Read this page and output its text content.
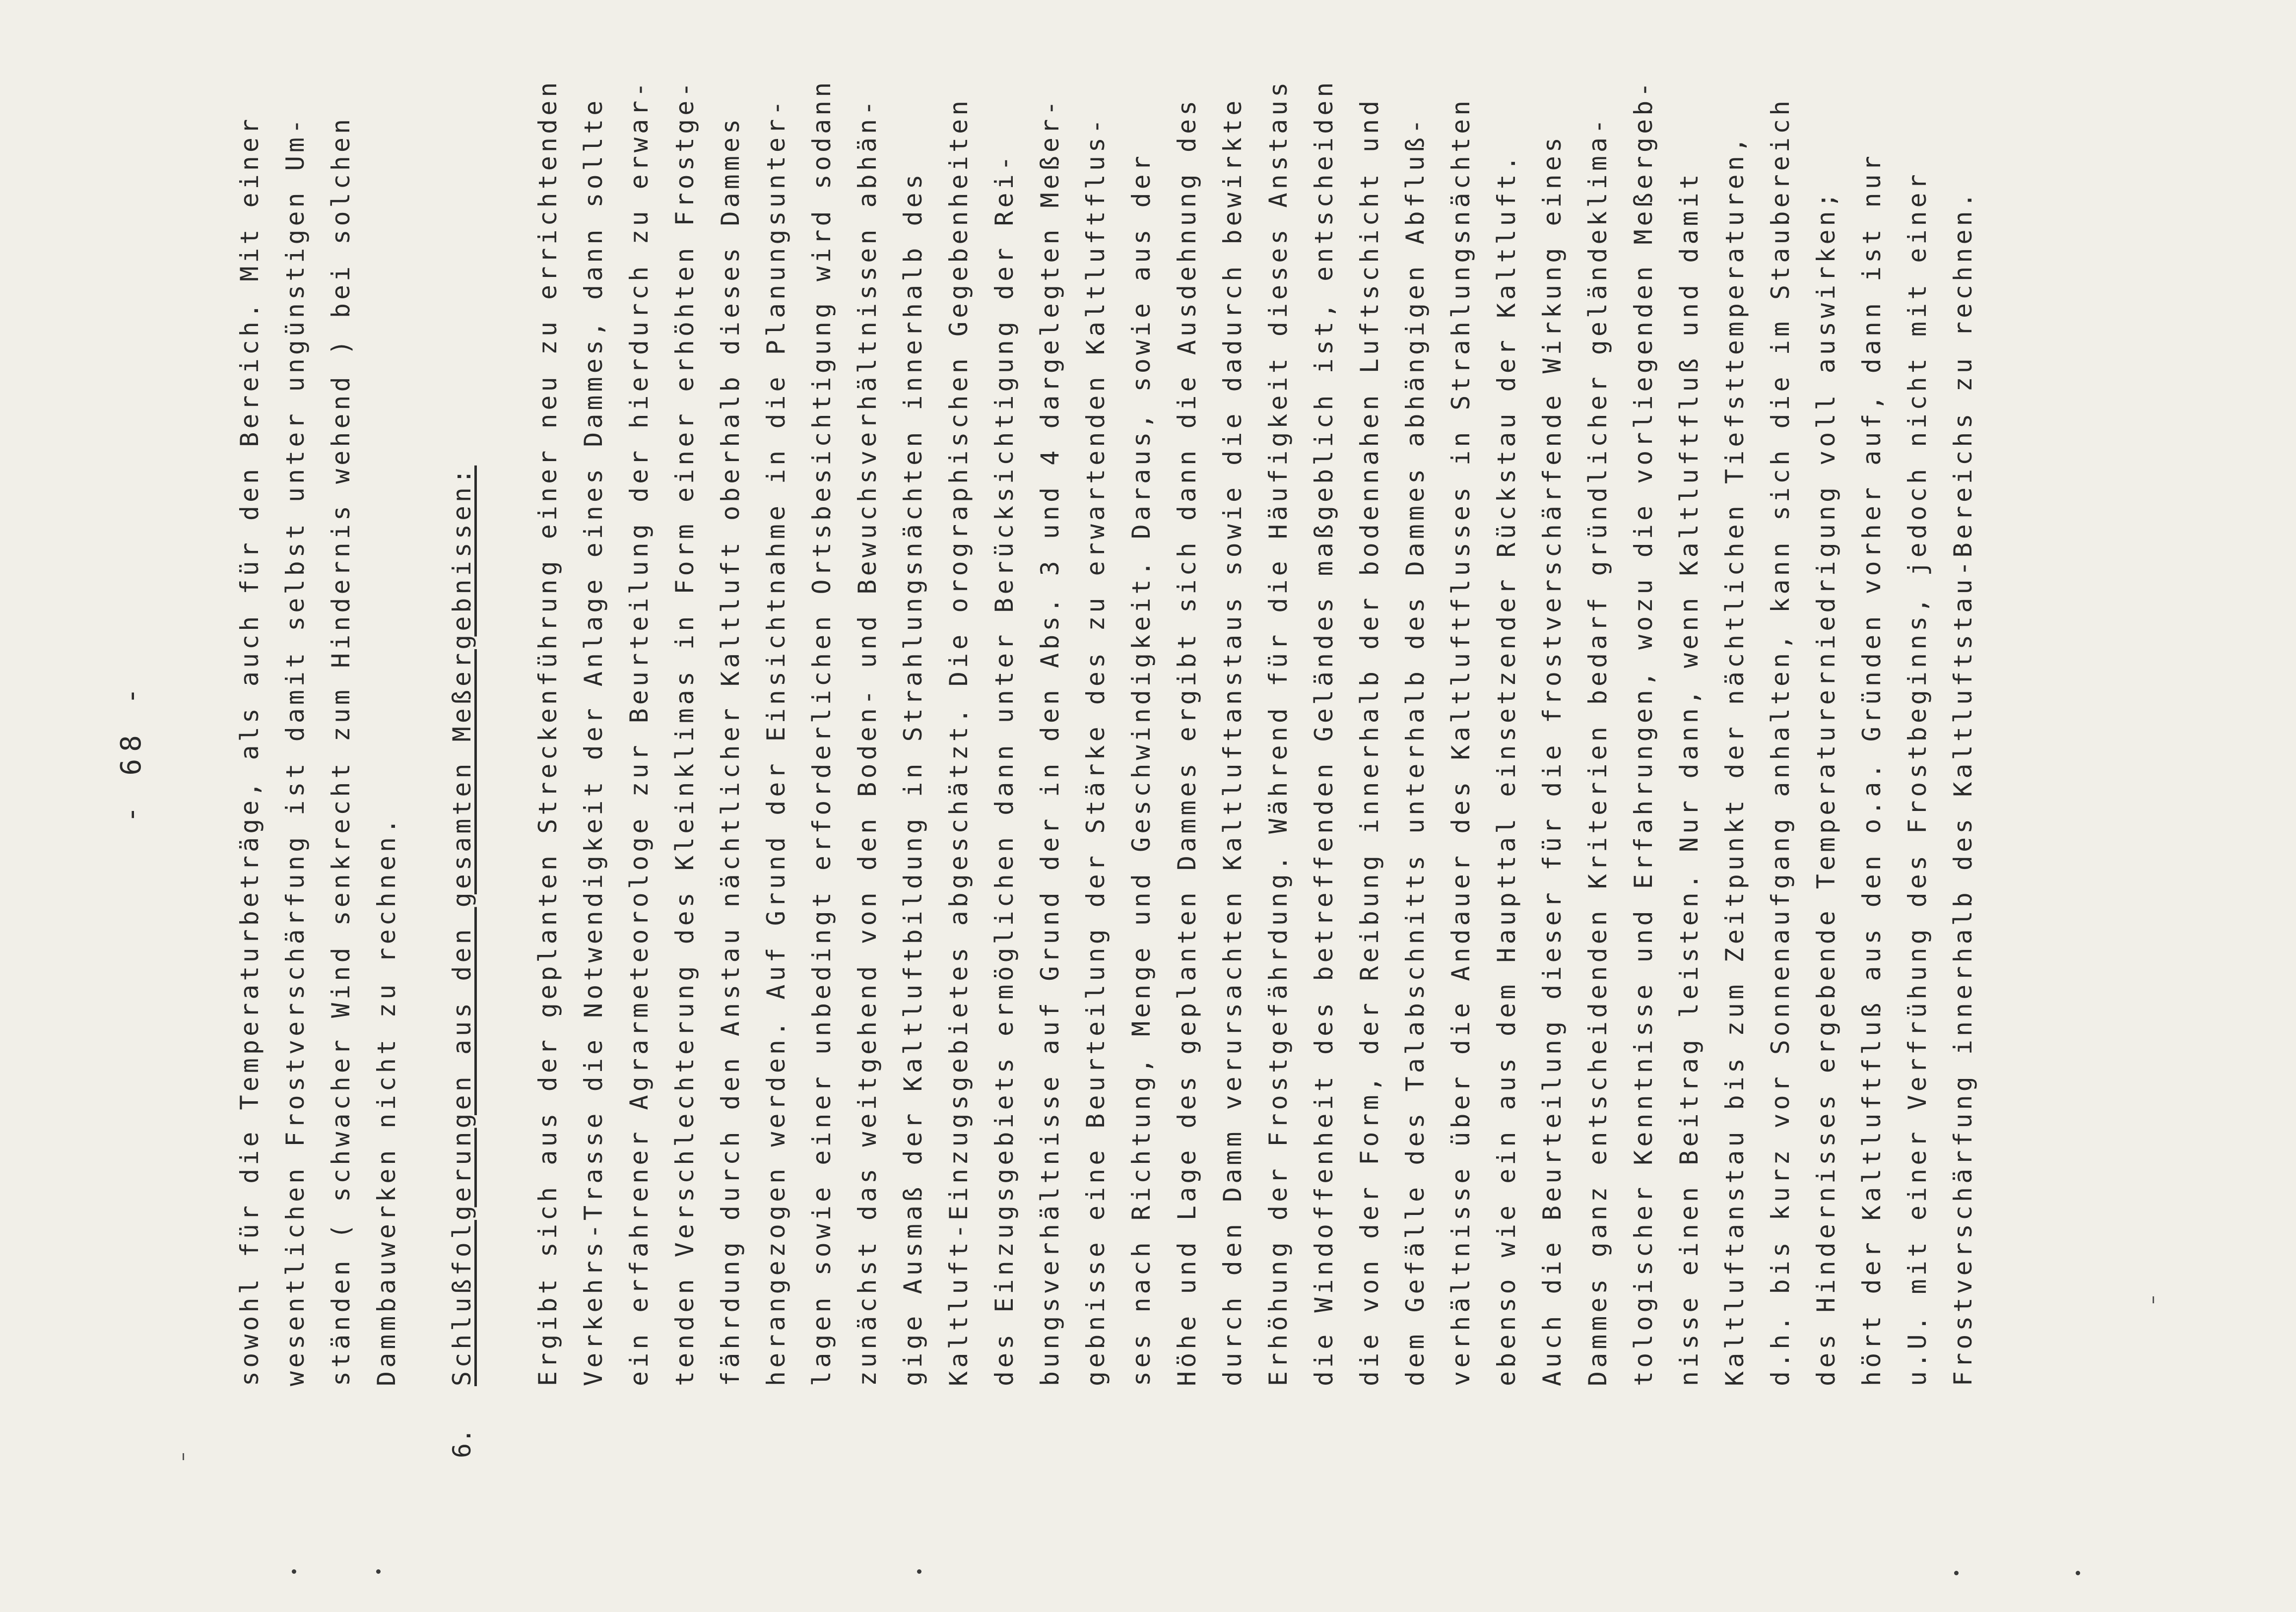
- 68 -	sowohl für die Temperaturbeträge, als auch für den Bereich. Mit einer wesentlichen Frostverschärfung ist damit selbst unter ungünstigen Um- ständen ( schwacher Wind senkrecht zum Hindernis wehend ) bei solchen Dammbauwerken nicht zu rechnen.
6.
Schlußfolgerungen aus den gesamten Meßergebnissen: Ergibt sich aus der geplanten Streckenführung einer neu zu errichtenden Verkehrs-Trasse die Notwendigkeit der Anlage eines Dammes, dann sollte ein erfahrener Agrarmeteorologe zur Beurteilung der hierdurch zu erwar- tenden Verschlechterung des Kleinklimas in Form einer erhöhten Frostge- fährdung durch den Anstau nächtlicher Kaltluft oberhalb dieses Dammes herangezogen werden. Auf Grund der Einsichtnahme in die Planungsunter- lagen sowie einer unbedingt erforderlichen Ortsbesichtigung wird sodann zunächst das weitgehend von den Boden- und Bewuchsverhältnissen abhän- gige Ausmaß der Kaltluftbildung in Strahlungsnächten innerhalb des Kaltluft-Einzugsgebietes abgeschätzt. Die orographischen Gegebenheiten des Einzugsgebiets ermöglichen dann unter Berücksichtigung der Rei- bungsverhältnisse auf Grund der in den Abs. 3 und 4 dargelegten Meßer- gebnisse eine Beurteilung der Stärke des zu erwartenden Kaltluftflus- ses nach Richtung, Menge und Geschwindigkeit. Daraus, sowie aus der Höhe und Lage des geplanten Dammes ergibt sich dann die Ausdehnung des durch den Damm verursachten Kaltluftanstaus sowie die dadurch bewirkte Erhöhung der Frostgefährdung. Während für die Häufigkeit dieses Anstaus die Windoffenheit des betreffenden Geländes maßgeblich ist, entscheiden die von der Form, der Reibung innerhalb der bodennahen Luftschicht und dem Gefälle des Talabschnitts unterhalb des Dammes abhängigen Abfluß- verhältnisse über die Andauer des Kaltluftflusses in Strahlungsnächten ebenso wie ein aus dem Haupttal einsetzender Rückstau der Kaltluft. Auch die Beurteilung dieser für die frostverschärfende Wirkung eines Dammes ganz entscheidenden Kriterien bedarf gründlicher geländeklima- tologischer Kenntnisse und Erfahrungen, wozu die vorliegenden Meßergeb- nisse einen Beitrag leisten. Nur dann, wenn Kaltluftfluß und damit Kaltluftanstau bis zum Zeitpunkt der nächtlichen Tiefsttemperaturen, d.h. bis kurz vor Sonnenaufgang anhalten, kann sich die im Staubereich des Hindernisses ergebende Temperaturerniedrigung voll auswirken; hört der Kaltluftfluß aus den o.a. Gründen vorher auf, dann ist nur u.U. mit einer Verfrühung des Frostbeginns, jedoch nicht mit einer Frostverschärfung innerhalb des Kaltluftstau-Bereichs zu rechnen.
